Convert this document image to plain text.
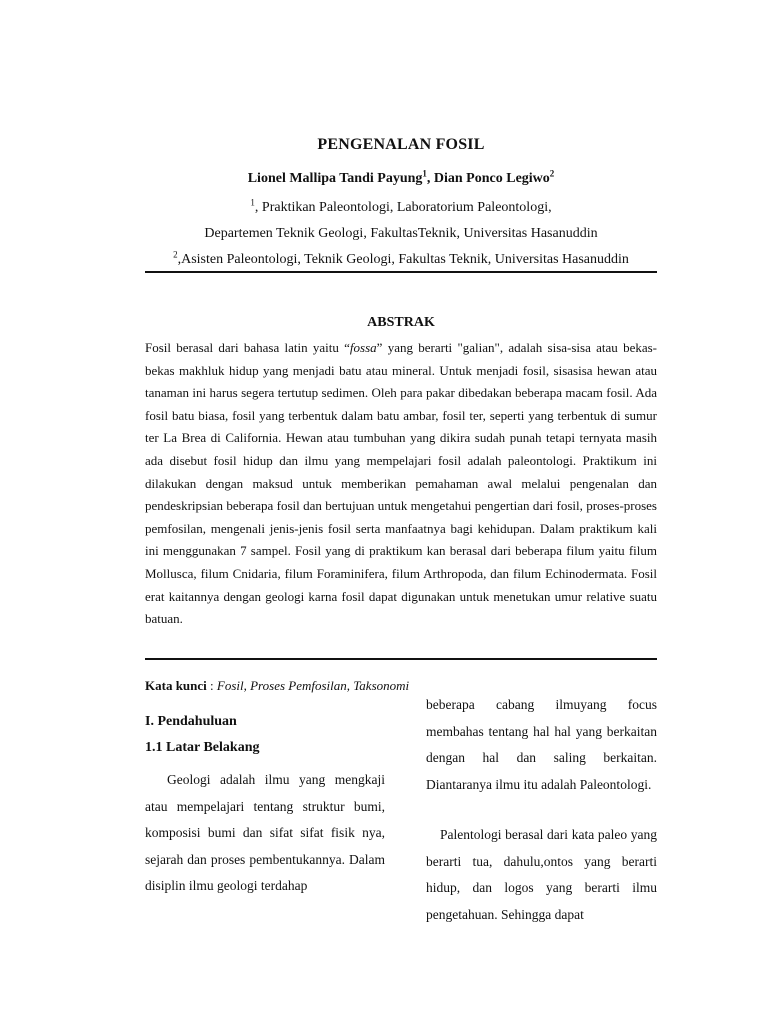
PENGENALAN FOSIL
Lionel Mallipa Tandi Payung$^1$, Dian Ponco Legiwo$^2$
$^1$, Praktikan Paleontologi, Laboratorium Paleontologi,
Departemen Teknik Geologi, FakultasTeknik, Universitas Hasanuddin
$^2$,Asisten Paleontologi, Teknik Geologi, Fakultas Teknik, Universitas Hasanuddin
ABSTRAK

Fosil berasal dari bahasa latin yaitu “fossa” yang berarti "galian", adalah sisa-sisa atau bekas-bekas makhluk hidup yang menjadi batu atau mineral. Untuk menjadi fosil, sisasisa hewan atau tanaman ini harus segera tertutup sedimen. Oleh para pakar dibedakan beberapa macam fosil. Ada fosil batu biasa, fosil yang terbentuk dalam batu ambar, fosil ter, seperti yang terbentuk di sumur ter La Brea di California. Hewan atau tumbuhan yang dikira sudah punah tetapi ternyata masih ada disebut fosil hidup dan ilmu yang mempelajari fosil adalah paleontologi. Praktikum ini dilakukan dengan maksud untuk memberikan pemahaman awal melalui pengenalan dan pendeskripsian beberapa fosil dan bertujuan untuk mengetahui pengertian dari fosil, proses-proses pemfosilan, mengenali jenis-jenis fosil serta manfaatnya bagi kehidupan. Dalam praktikum kali ini menggunakan 7 sampel. Fosil yang di praktikum kan berasal dari beberapa filum yaitu filum Mollusca, filum Cnidaria, filum Foraminifera, filum Arthropoda, dan filum Echinodermata. Fosil erat kaitannya dengan geologi karna fosil dapat digunakan untuk menetukan umur relative suatu batuan.

Kata kunci : Fosil, Proses Pemfosilan, Taksonomi
I. Pendahuluan
1.1 Latar Belakang

Geologi adalah ilmu yang mengkaji atau mempelajari tentang struktur bumi, komposisi bumi dan sifat sifat fisik nya, sejarah dan proses pembentukannya. Dalam disiplin ilmu geologi terdahap

beberapa cabang ilmuyang focus membahas tentang hal hal yang berkaitan dengan hal dan saling berkaitan. Diantaranya ilmu itu adalah Paleontologi.

Palentologi berasal dari kata paleo yang berarti tua, dahulu,ontos yang berarti hidup, dan logos yang berarti ilmu pengetahuan. Sehingga dapat
